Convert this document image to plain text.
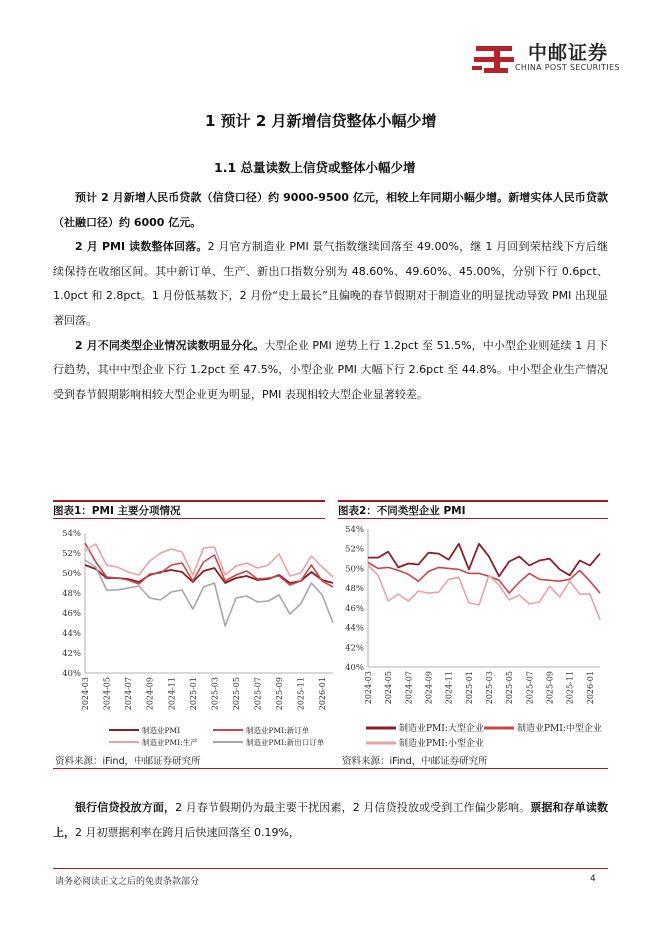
中邮证券
CHINA POST SECURITIES
1 预计 2 月新增信贷整体小幅少增
1.1 总量读数上信贷或整体小幅少增

预计 2 月新增人民币贷款（信贷口径）约 9000-9500 亿元，相较上年同期小幅少增。新增实体人民币贷款（社融口径）约 6000 亿元。

2 月 PMI 读数整体回落。2 月官方制造业 PMI 景气指数继续回落至 49.00%，继 1 月回到荣枯线下方后继续保持在收缩区间。其中新订单、生产、新出口指数分别为 48.60%、49.60%、45.00%，分别下行 0.6pct、1.0pct 和 2.8pct。1 月份低基数下，2 月份“史上最长”且偏晚的春节假期对于制造业的明显扰动导致 PMI 出现显著回落。

2 月不同类型企业情况读数明显分化。大型企业 PMI 逆势上行 1.2pct 至 51.5%，中小型企业则延续 1 月下行趋势，其中中型企业下行 1.2pct 至 47.5%，小型企业 PMI 大幅下行 2.6pct 至 44.8%。中小型企业生产情况受到春节假期影响相较大型企业更为明显，PMI 表现相较大型企业显著较差。

图表1：PMI 主要分项情况	图表2：不同类型企业 PMI
40%
42%
44%
46%
48%
50%
52%
54%
2024-03 2024-05 2024-07 2024-09 2024-11 2025-01 2025-03 2025-05 2025-07 2025-09 2025-11 2026-01
制造业PMI	制造业PMI:新订单
制造业PMI:生产	制造业PMI:新出口订单
40%
42%
44%
46%
48%
50%
52%
54%
2024-03 2024-05 2024-07 2024-09 2024-11 2025-01 2025-03 2025-05 2025-07 2025-09 2025-11 2026-01
制造业PMI:大型企业	制造业PMI:中型企业
制造业PMI:小型企业
资料来源：iFind，中邮证券研究所	资料来源：iFind，中邮证券研究所

银行信贷投放方面，2 月春节假期仍为最主要干扰因素，2 月信贷投放或受到工作偏少影响。票据和存单读数上，2 月初票据利率在跨月后快速回落至 0.19%，

请务必阅读正文之后的免责条款部分	4
